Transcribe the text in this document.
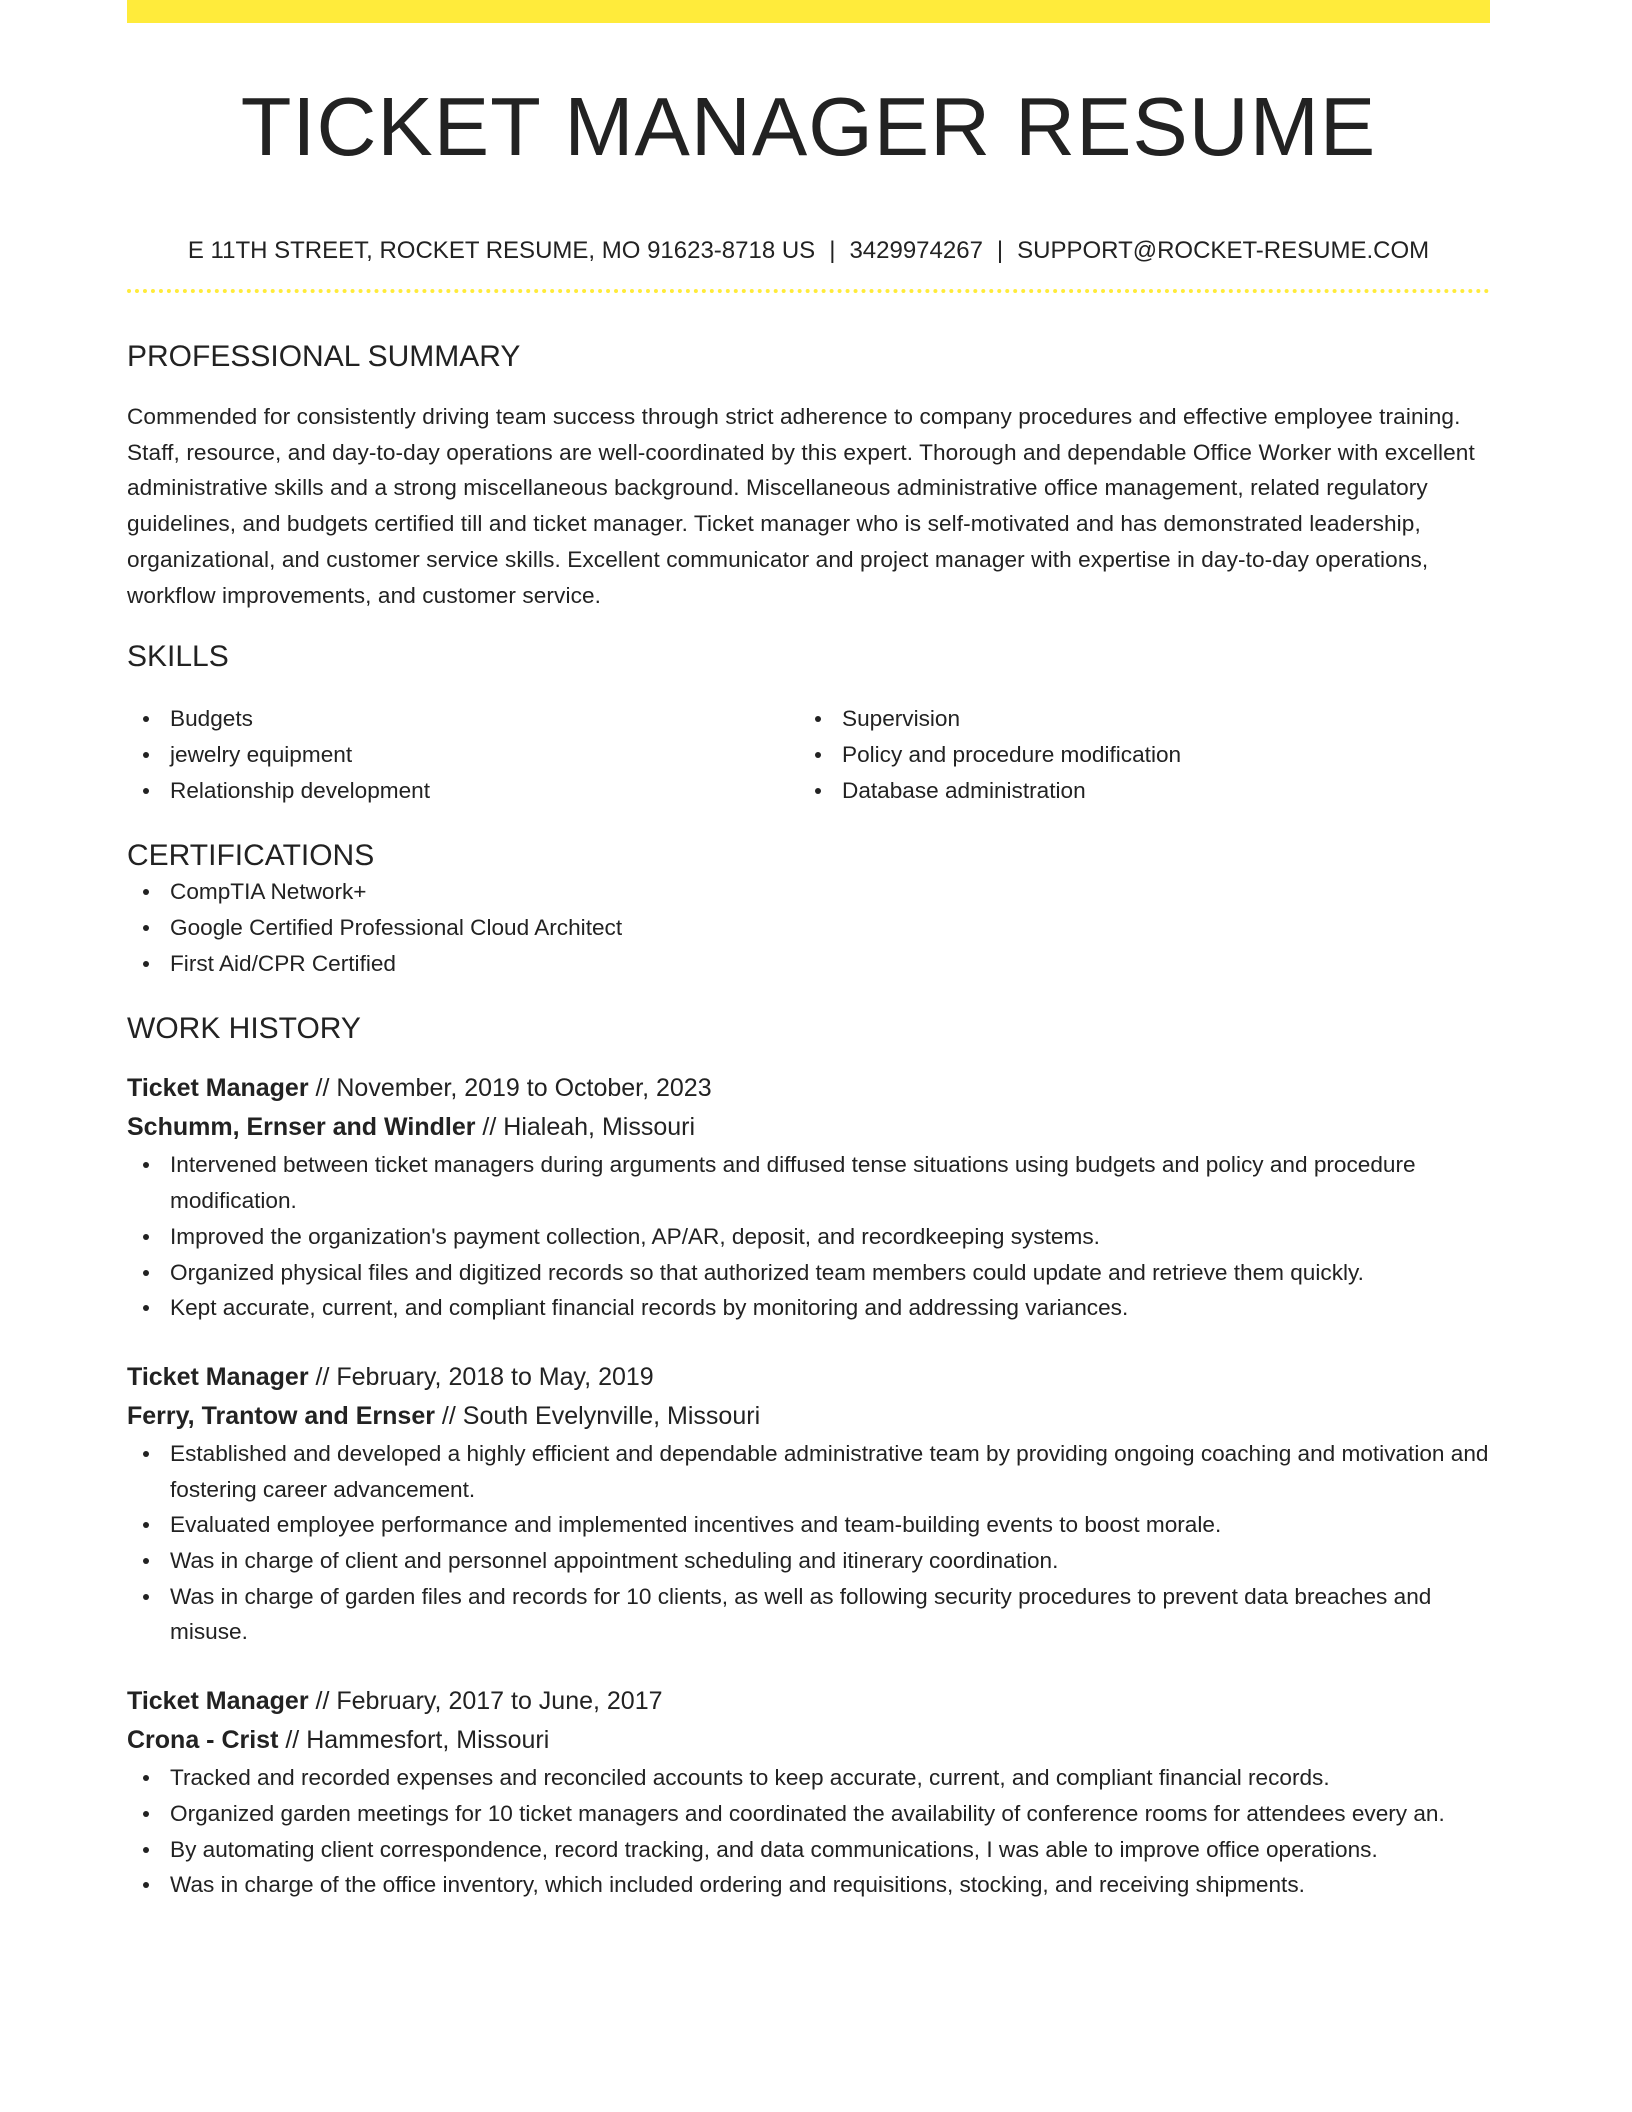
TICKET MANAGER RESUME
E 11TH STREET, ROCKET RESUME, MO 91623-8718 US | 3429974267 | SUPPORT@ROCKET-RESUME.COM
PROFESSIONAL SUMMARY

Commended for consistently driving team success through strict adherence to company procedures and effective employee training. Staff, resource, and day-to-day operations are well-coordinated by this expert. Thorough and dependable Office Worker with excellent administrative skills and a strong miscellaneous background. Miscellaneous administrative office management, related regulatory guidelines, and budgets certified till and ticket manager. Ticket manager who is self-motivated and has demonstrated leadership, organizational, and customer service skills. Excellent communicator and project manager with expertise in day-to-day operations, workflow improvements, and customer service.

SKILLS
Budgets
jewelry equipment
Relationship development
Supervision
Policy and procedure modification
Database administration
CERTIFICATIONS
CompTIA Network+
Google Certified Professional Cloud Architect
First Aid/CPR Certified
WORK HISTORY
Ticket Manager // November, 2019 to October, 2023
Schumm, Ernser and Windler // Hialeah, Missouri
Intervened between ticket managers during arguments and diffused tense situations using budgets and policy and procedure modification.
Improved the organization's payment collection, AP/AR, deposit, and recordkeeping systems.
Organized physical files and digitized records so that authorized team members could update and retrieve them quickly.
Kept accurate, current, and compliant financial records by monitoring and addressing variances.
Ticket Manager // February, 2018 to May, 2019
Ferry, Trantow and Ernser // South Evelynville, Missouri
Established and developed a highly efficient and dependable administrative team by providing ongoing coaching and motivation and fostering career advancement.
Evaluated employee performance and implemented incentives and team-building events to boost morale.
Was in charge of client and personnel appointment scheduling and itinerary coordination.
Was in charge of garden files and records for 10 clients, as well as following security procedures to prevent data breaches and misuse.
Ticket Manager // February, 2017 to June, 2017
Crona - Crist // Hammesfort, Missouri
Tracked and recorded expenses and reconciled accounts to keep accurate, current, and compliant financial records.
Organized garden meetings for 10 ticket managers and coordinated the availability of conference rooms for attendees every an.
By automating client correspondence, record tracking, and data communications, I was able to improve office operations.
Was in charge of the office inventory, which included ordering and requisitions, stocking, and receiving shipments.
